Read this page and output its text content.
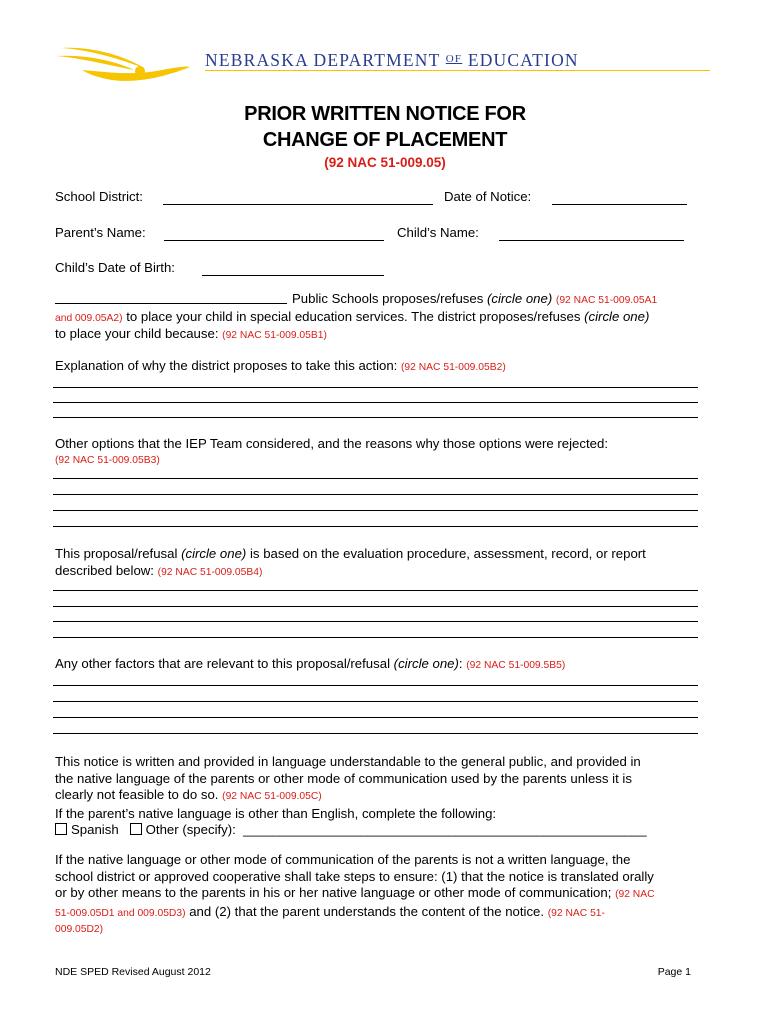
NEBRASKA DEPARTMENT $^{OF}$ EDUCATION
PRIOR WRITTEN NOTICE FOR
CHANGE OF PLACEMENT
(92 NAC 51-009.05)
School District:	Date of Notice:
Parent’s Name:	Child’s Name:
Child’s Date of Birth:
Public Schools proposes/refuses (circle one) (92 NAC 51-009.05A1
and 009.05A2) to place your child in special education services. The district proposes/refuses (circle one)
to place your child because: (92 NAC 51-009.05B1)
Explanation of why the district proposes to take this action: (92 NAC 51-009.05B2)
Other options that the IEP Team considered, and the reasons why those options were rejected:
(92 NAC 51-009.05B3)
This proposal/refusal (circle one) is based on the evaluation procedure, assessment, record, or report
described below: (92 NAC 51-009.05B4)
Any other factors that are relevant to this proposal/refusal (circle one): (92 NAC 51-009.5B5)
This notice is written and provided in language understandable to the general public, and provided in
the native language of the parents or other mode of communication used by the parents unless it is
clearly not feasible to do so. (92 NAC 51-009.05C)
If the parent’s native language is other than English, complete the following:
Spanish Other (specify): _______________________________________________________
If the native language or other mode of communication of the parents is not a written language, the
school district or approved cooperative shall take steps to ensure: (1) that the notice is translated orally
or by other means to the parents in his or her native language or other mode of communication; (92 NAC
51-009.05D1 and 009.05D3) and (2) that the parent understands the content of the notice. (92 NAC 51-
009.05D2)
NDE SPED Revised August 2012	Page 1
